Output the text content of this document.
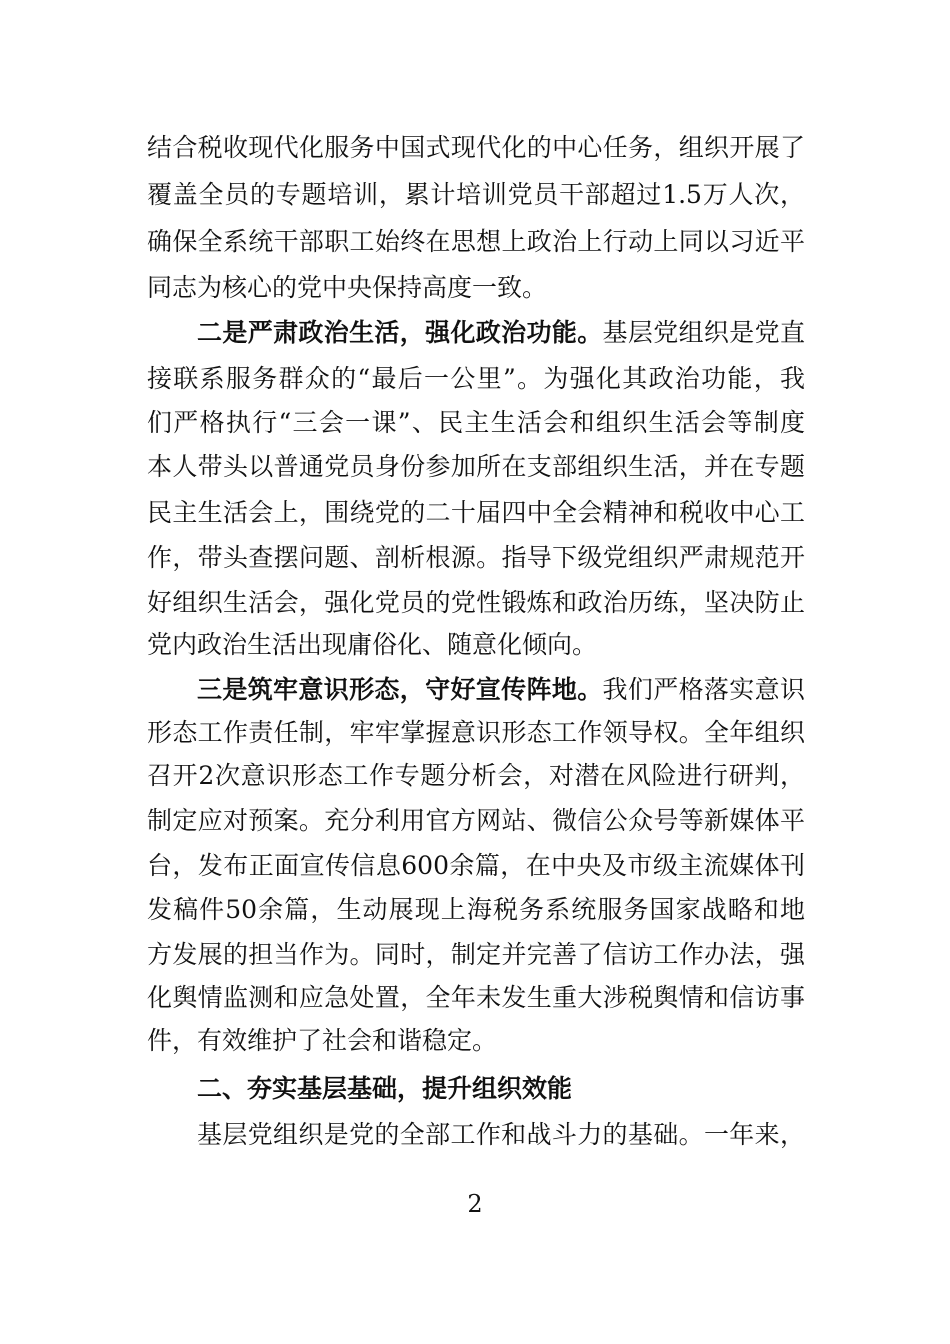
结合税收现代化服务中国式现代化的中心任务，组织开展了
覆盖全员的专题培训，累计培训党员干部超过1.5万人次，
确保全系统干部职工始终在思想上政治上行动上同以习近平
同志为核心的党中央保持高度一致。
二是严肃政治生活，强化政治功能。基层党组织是党直
接联系服务群众的“最后一公里”。为强化其政治功能，我
们严格执行“三会一课”、民主生活会和组织生活会等制度
本人带头以普通党员身份参加所在支部组织生活，并在专题
民主生活会上，围绕党的二十届四中全会精神和税收中心工
作，带头查摆问题、剖析根源。指导下级党组织严肃规范开
好组织生活会，强化党员的党性锻炼和政治历练，坚决防止
党内政治生活出现庸俗化、随意化倾向。
三是筑牢意识形态，守好宣传阵地。我们严格落实意识
形态工作责任制，牢牢掌握意识形态工作领导权。全年组织
召开2次意识形态工作专题分析会，对潜在风险进行研判，
制定应对预案。充分利用官方网站、微信公众号等新媒体平
台，发布正面宣传信息600余篇，在中央及市级主流媒体刊
发稿件50余篇，生动展现上海税务系统服务国家战略和地
方发展的担当作为。同时，制定并完善了信访工作办法，强
化舆情监测和应急处置，全年未发生重大涉税舆情和信访事
件，有效维护了社会和谐稳定。
二、夯实基层基础，提升组织效能
基层党组织是党的全部工作和战斗力的基础。一年来，
2
